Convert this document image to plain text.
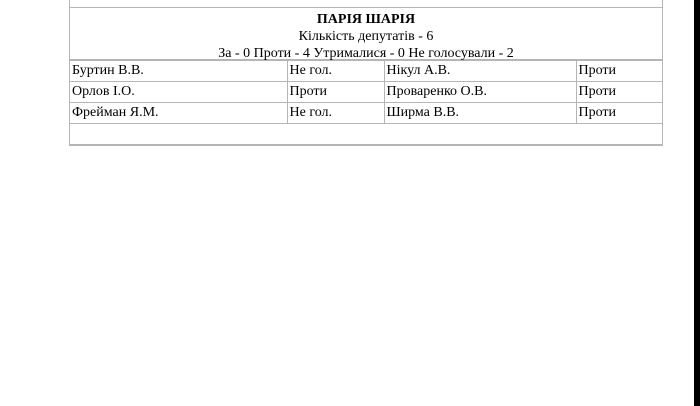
ПАРІЯ ШАРІЯ
Кількість депутатів - 6
За - 0 Проти - 4 Утрималися - 0 Не голосували - 2
Буртин В.В.	Не гол.	Нікул А.В.	Проти
Орлов І.О.	Проти	Проваренко О.В.	Проти
Фрейман Я.М.	Не гол.	Ширма В.В.	Проти
